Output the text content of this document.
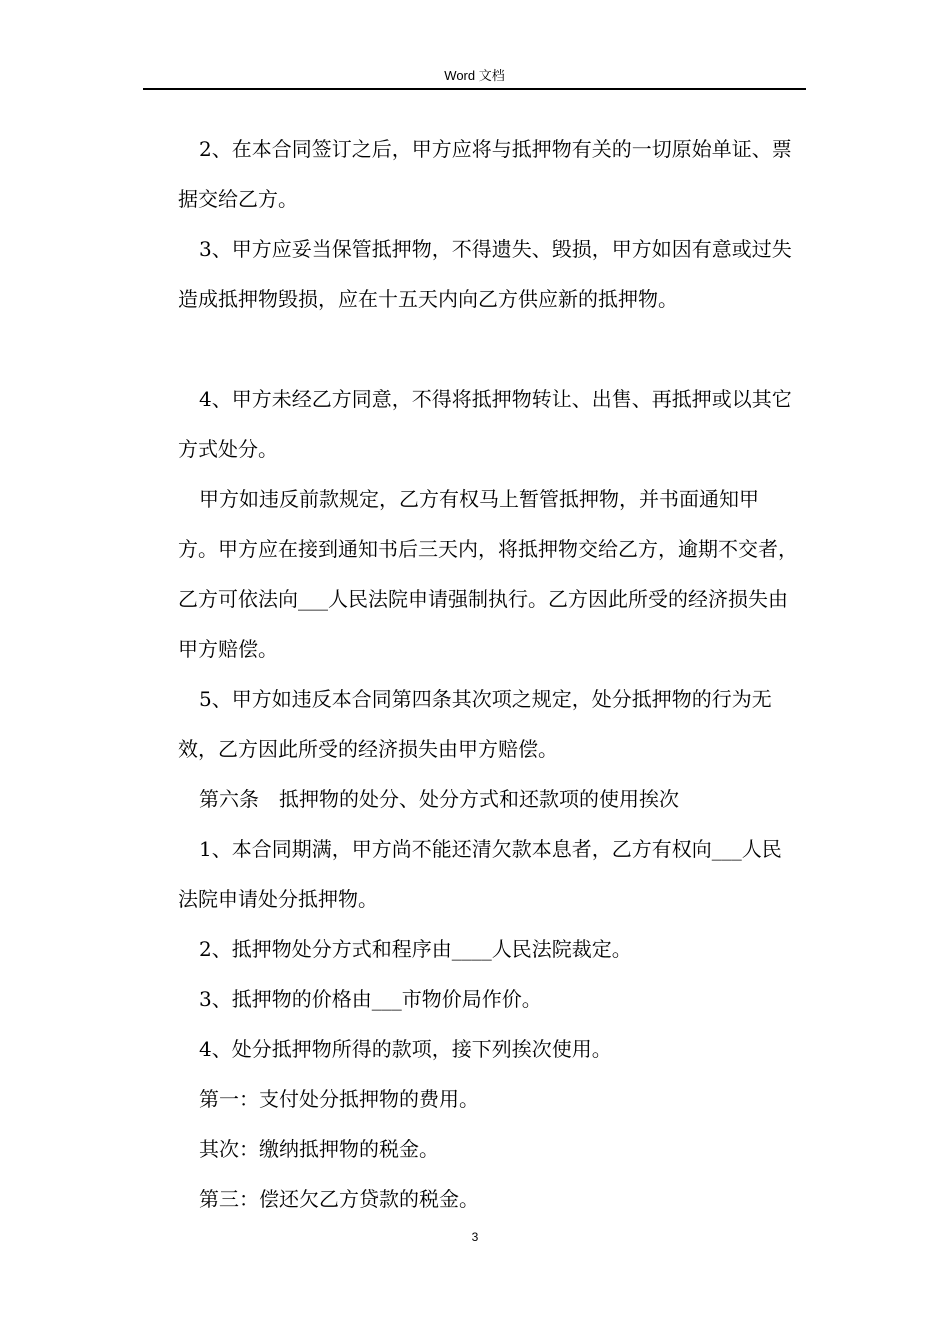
Word 文档

2、在本合同签订之后，甲方应将与抵押物有关的一切原始单证、票据交给乙方。

3、甲方应妥当保管抵押物，不得遗失、毁损，甲方如因有意或过失造成抵押物毁损，应在十五天内向乙方供应新的抵押物。

4、甲方未经乙方同意，不得将抵押物转让、出售、再抵押或以其它方式处分。

甲方如违反前款规定，乙方有权马上暂管抵押物，并书面通知甲方。甲方应在接到通知书后三天内，将抵押物交给乙方，逾期不交者，乙方可依法向___人民法院申请强制执行。乙方因此所受的经济损失由甲方赔偿。

5、甲方如违反本合同第四条其次项之规定，处分抵押物的行为无效，乙方因此所受的经济损失由甲方赔偿。

第六条　抵押物的处分、处分方式和还款项的使用挨次

1、本合同期满，甲方尚不能还清欠款本息者，乙方有权向___人民法院申请处分抵押物。

2、抵押物处分方式和程序由____人民法院裁定。

3、抵押物的价格由___市物价局作价。

4、处分抵押物所得的款项，接下列挨次使用。

第一：支付处分抵押物的费用。

其次：缴纳抵押物的税金。

第三：偿还欠乙方贷款的税金。

3
